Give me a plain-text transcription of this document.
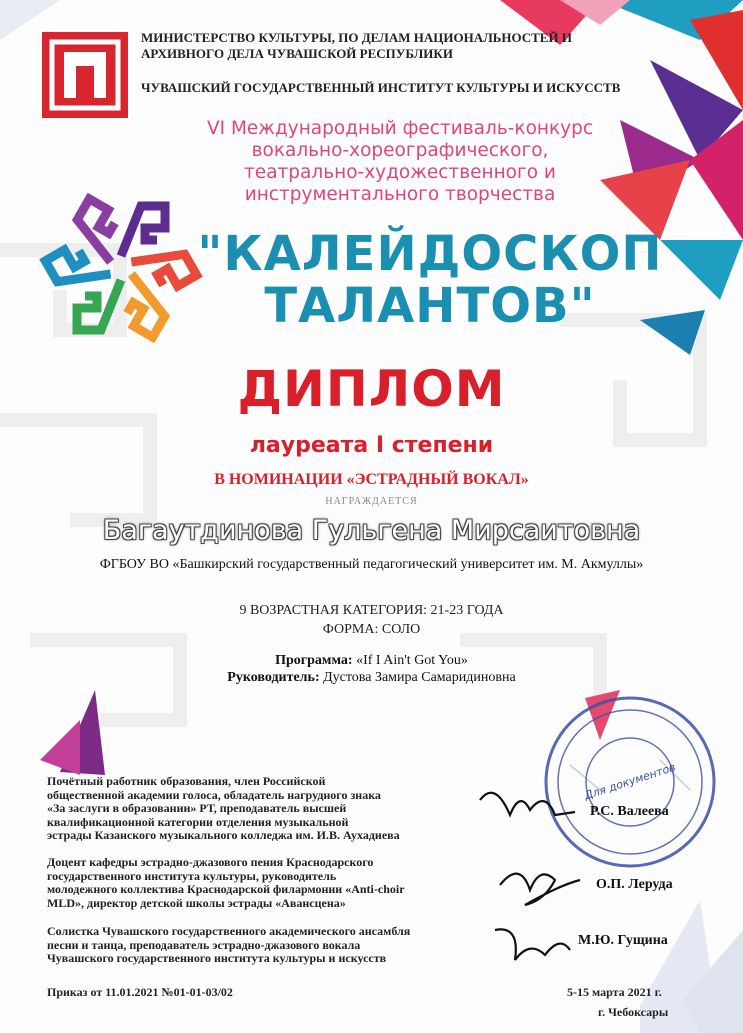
Для документов
МИНИСТЕРСТВО КУЛЬТУРЫ, ПО ДЕЛАМ НАЦИОНАЛЬНОСТЕЙ И АРХИВНОГО ДЕЛА ЧУВАШСКОЙ РЕСПУБЛИКИ
ЧУВАШСКИЙ ГОСУДАРСТВЕННЫЙ ИНСТИТУТ КУЛЬТУРЫ И ИСКУССТВ
VI Международный фестиваль-конкурс
вокально-хореографического,
театрально-художественного и
инструментального творчества
"КАЛЕЙДОСКОП
ТАЛАНТОВ"
ДИПЛОМ
лауреата I степени
В НОМИНАЦИИ «ЭСТРАДНЫЙ ВОКАЛ»
НАГРАЖДАЕТСЯ
Багаутдинова Гульгена Мирсаитовна
ФГБОУ ВО «Башкирский государственный педагогический университет им. М. Акмуллы»
9 ВОЗРАСТНАЯ КАТЕГОРИЯ: 21-23 ГОДА
ФОРМА: СОЛО
Программа: «If I Ain't Got You»
Руководитель: Дустова Замира Самаридиновна
Почётный работник образования, член Российской
общественной академии голоса, обладатель нагрудного знака
«За заслуги в образовании» РТ, преподаватель высшей
квалификационной категории отделения музыкальной
эстрады Казанского музыкального колледжа им. И.В. Аухадиева
Р.С. Валеева
Доцент кафедры эстрадно-джазового пения Краснодарского
государственного института культуры, руководитель
молодежного коллектива Краснодарской филармонии «Anti-choir
MLD», директор детской школы эстрады «Авансцена»
О.П. Леруда
Солистка Чувашского государственного академического ансамбля
песни и танца, преподаватель эстрадно-джазового вокала
Чувашского государственного института культуры и искусств
М.Ю. Гущина
Приказ от 11.01.2021 №01-01-03/02	5-15 марта 2021 г.
г. Чебоксары
